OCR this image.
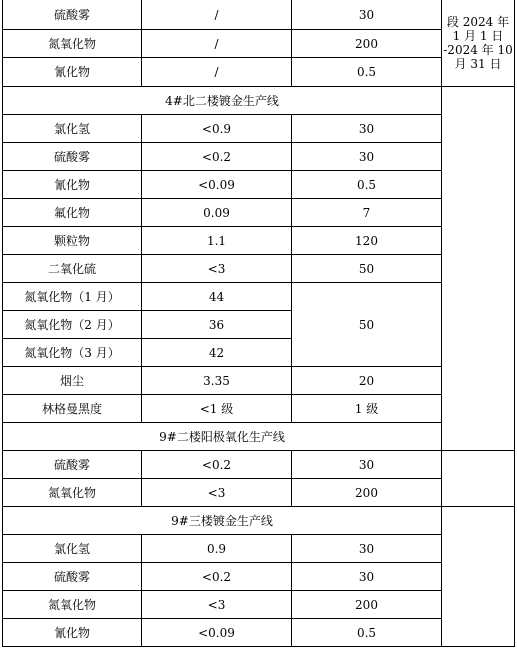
硫酸雾	/	30	段 2024 年
1 月 1 日
-2024 年 10
月 31 日

氮氧化物	/	200	
氰化物	/	0.5	
4#北二楼镀金生产线			
氯化氢	<0.9	30	
硫酸雾	<0.2	30	
氰化物	<0.09	0.5	
氟化物	0.09	7	
颗粒物	1.1	120	
二氧化硫	<3	50	
氮氧化物（1 月）	44	50	
氮氧化物（2 月）	36		
氮氧化物（3 月）	42		
烟尘	3.35	20	
林格曼黑度	<1 级	1 级	
9#二楼阳极氧化生产线			
硫酸雾	<0.2	30	
氮氧化物	<3	200	
9#三楼镀金生产线			
氯化氢	0.9	30	
硫酸雾	<0.2	30	
氮氧化物	<3	200	
氰化物	<0.09	0.5	
